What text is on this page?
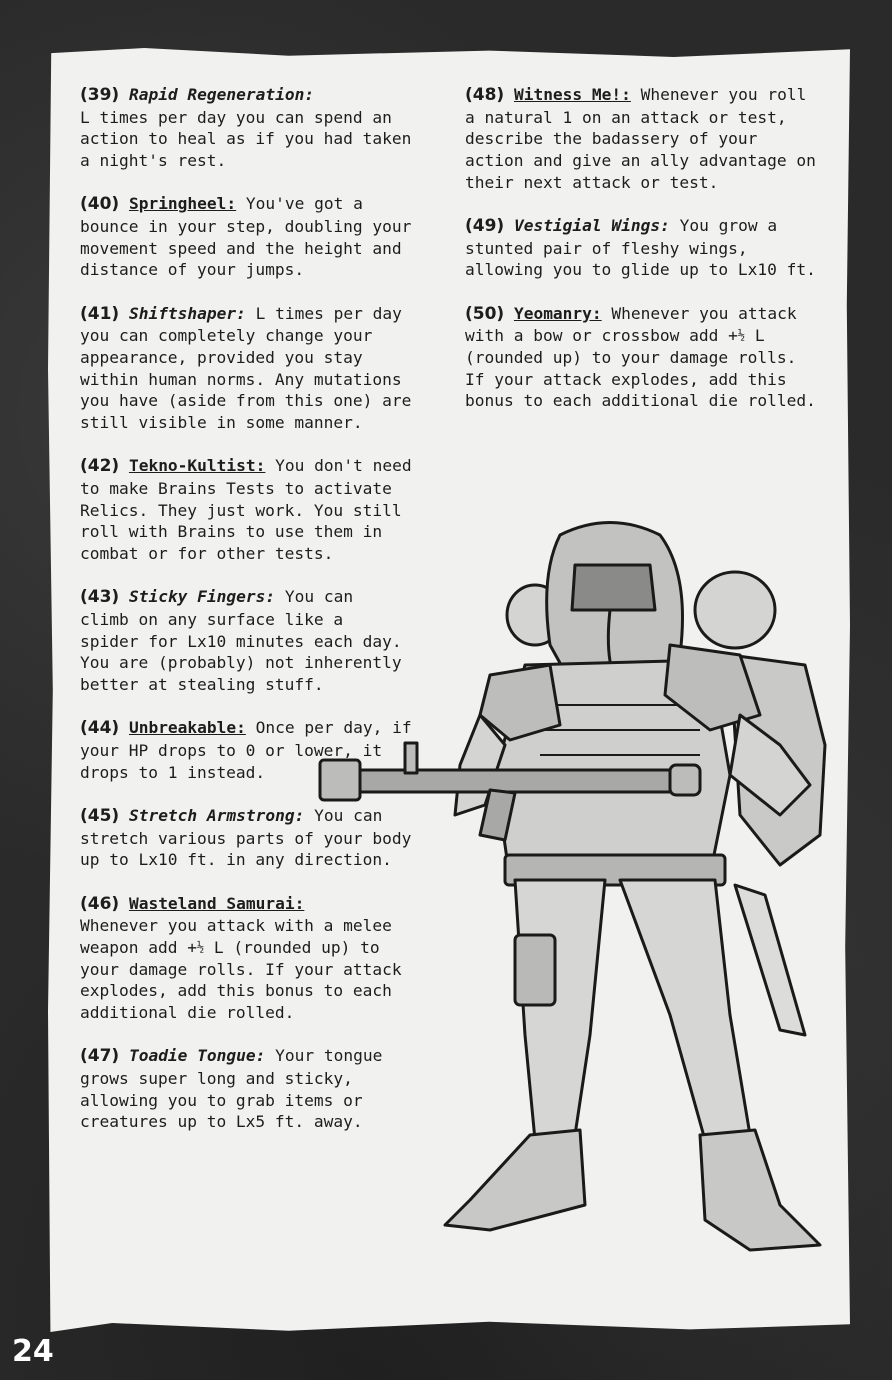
(39) Rapid Regeneration:
L times per day you can spend an action to heal as if you had taken a night's rest.

(40) Springheel: You've got a bounce in your step, doubling your movement speed and the height and distance of your jumps.

(41) Shiftshaper: L times per day you can completely change your appearance, provided you stay within human norms. Any mutations you have (aside from this one) are still visible in some manner.

(42) Tekno-Kultist: You don't need to make Brains Tests to activate Relics. They just work. You still roll with Brains to use them in combat or for other tests.

(43) Sticky Fingers: You can climb on any surface like a spider for Lx10 minutes each day. You are (probably) not inherently better at stealing stuff.

(44) Unbreakable: Once per day, if your HP drops to 0 or lower, it drops to 1 instead.

(45) Stretch Armstrong: You can stretch various parts of your body up to Lx10 ft. in any direction.

(46) Wasteland Samurai:
Whenever you attack with a melee weapon add +½ L (rounded up) to your damage rolls. If your attack explodes, add this bonus to each additional die rolled.

(47) Toadie Tongue: Your tongue grows super long and sticky, allowing you to grab items or creatures up to Lx5 ft. away.

(48) Witness Me!: Whenever you roll a natural 1 on an attack or test, describe the badassery of your action and give an ally advantage on their next attack or test.

(49) Vestigial Wings: You grow a stunted pair of fleshy wings, allowing you to glide up to Lx10 ft.

(50) Yeomanry: Whenever you attack with a bow or crossbow add +½ L (rounded up) to your damage rolls. If your attack explodes, add this bonus to each additional die rolled.

24
